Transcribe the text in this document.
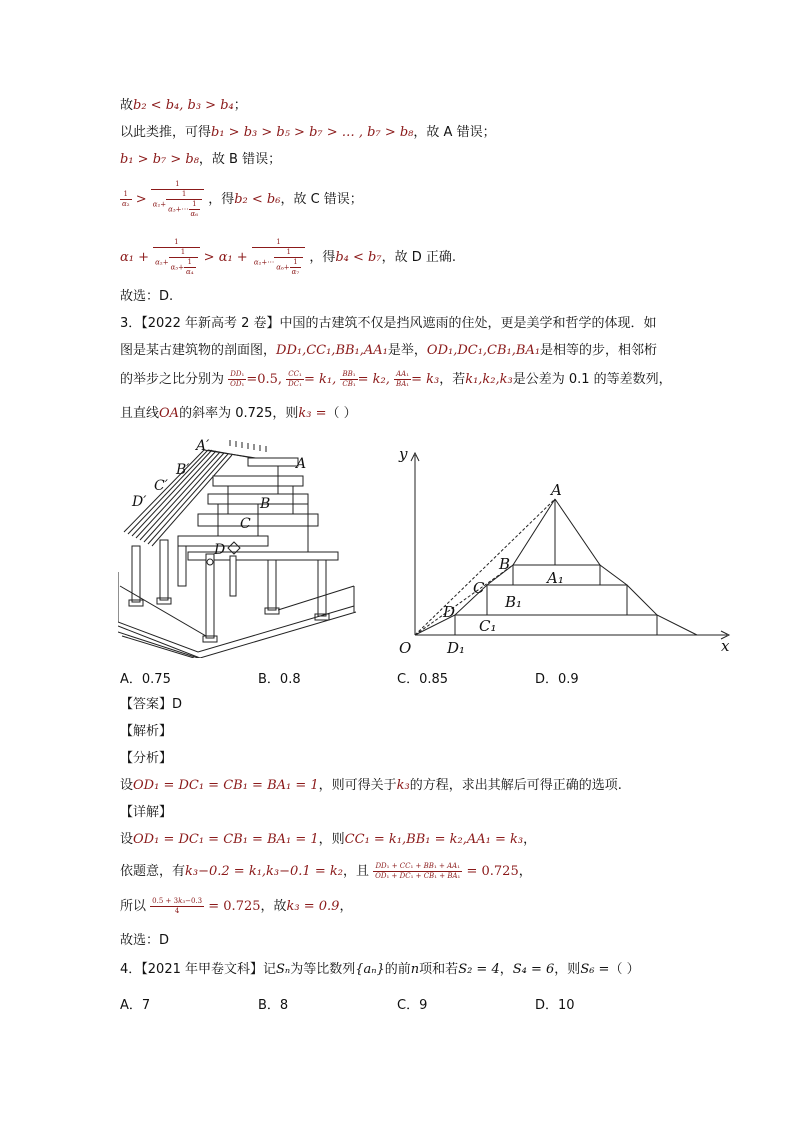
故b₂ < b₄, b₃ > b₄；
以此类推，可得b₁ > b₃ > b₅ > b₇ > … , b₇ > b₈，故 A 错误；
b₁ > b₇ > b₈，故 B 错误；
$\frac{1}{\text{α₂}} > \frac{1}{\alpha_2+ \frac{1}{\alpha_3+\cdots \frac{1}{\text{α₆}}}}$ ，得b₂ < b₆，故 C 错误；
$\alpha_1 + \frac{1}{\alpha_2+ \frac{1}{\alpha_3+ \frac{1}{\text{α₄}}}} > \alpha_1 + \frac{1}{\alpha_2+\cdots \frac{1}{\alpha_6+ \frac{1}{\text{α₇}}}}$ ，得b₄ < b₇，故 D 正确.
故选：D.
3．【2022 年新高考 2 卷】中国的古建筑不仅是挡风遮雨的住处，更是美学和哲学的体现．如
图是某古建筑物的剖面图，DD₁,CC₁,BB₁,AA₁是举，OD₁,DC₁,CB₁,BA₁是相等的步，相邻桁
的举步之比分别为 $\frac{\text{DD₁}}{\text{OD₁}} =0.5$, $\frac{\text{CC₁}}{\text{DC₁}} = k_1$, $\frac{\text{BB₁}}{\text{CB₁}} = k_2$, $\frac{\text{AA₁}}{\text{BA₁}} = k_3$，若k₁,k₂,k₃是公差为 0.1 的等差数列，
且直线OA的斜率为 0.725，则k₃ =（ ）
A′
B′
C′
D′
A
B
C
D
y
x
O
A
B
C
D
A₁
B₁
C₁
D₁
A．0.75	B．0.8	C．0.85	D．0.9
【答案】D
【解析】
【分析】
设OD₁ = DC₁ = CB₁ = BA₁ = 1，则可得关于k₃的方程，求出其解后可得正确的选项.
【详解】
设OD₁ = DC₁ = CB₁ = BA₁ = 1，则CC₁ = k₁,BB₁ = k₂,AA₁ = k₃，
依题意，有k₃−0.2 = k₁,k₃−0.1 = k₂，且 $\frac{\text{DD₁ + CC₁ + BB₁ + AA₁}}{\text{OD₁ + DC₁ + CB₁ + BA₁}} = 0.725$，
所以 $\frac{\text{0.5 + 3k₃−0.3}}{4} = 0.725$，故k₃ = 0.9，
故选：D
4．【2021 年甲卷文科】记Sₙ为等比数列{aₙ}的前n项和若S₂ = 4，S₄ = 6，则S₆ =（ ）
A．7	B．8	C．9	D．10
